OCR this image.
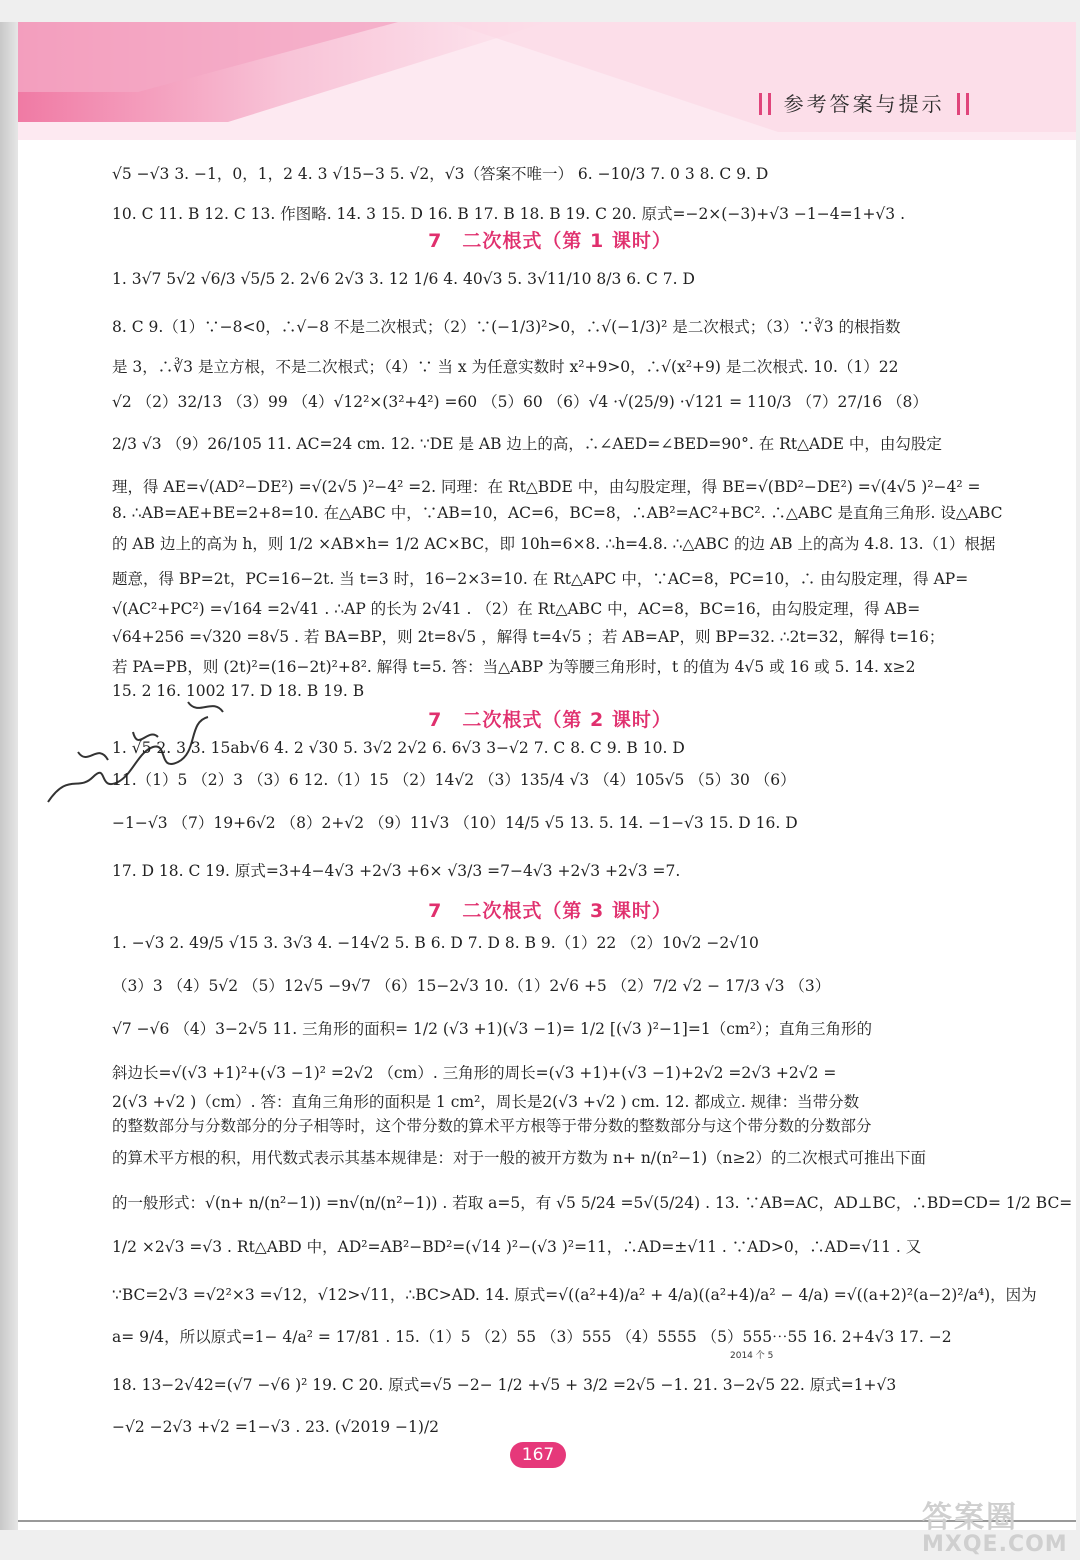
参考答案与提示
√5 −√3 3. −1，0，1，2 4. 3 √15−3 5. √2，√3（答案不唯一） 6. −10/3 7. 0 3 8. C 9. D
10. C 11. B 12. C 13. 作图略. 14. 3 15. D 16. B 17. B 18. B 19. C 20. 原式=−2×(−3)+√3 −1−4=1+√3 .
7　二次根式（第 1 课时）
1. 3√7 5√2 √6/3 √5/5 2. 2√6 2√3 3. 12 1/6 4. 40√3 5. 3√11/10 8/3 6. C 7. D
8. C 9.（1）∵−8<0，∴√−8 不是二次根式；（2）∵(−1/3)²>0，∴√(−1/3)² 是二次根式；（3）∵∛3 的根指数
是 3，∴∛3 是立方根，不是二次根式；（4）∵ 当 x 为任意实数时 x²+9>0，∴√(x²+9) 是二次根式. 10.（1）22
√2 （2）32/13 （3）99 （4）√12²×(3²+4²) =60 （5）60 （6）√4 ·√(25/9) ·√121 = 110/3 （7）27/16 （8）
2/3 √3 （9）26/105 11. AC=24 cm. 12. ∵DE 是 AB 边上的高，∴∠AED=∠BED=90°. 在 Rt△ADE 中，由勾股定
理，得 AE=√(AD²−DE²) =√(2√5 )²−4² =2. 同理：在 Rt△BDE 中，由勾股定理，得 BE=√(BD²−DE²) =√(4√5 )²−4² =
8. ∴AB=AE+BE=2+8=10. 在△ABC 中，∵AB=10，AC=6，BC=8，∴AB²=AC²+BC². ∴△ABC 是直角三角形. 设△ABC
的 AB 边上的高为 h，则 1/2 ×AB×h= 1/2 AC×BC，即 10h=6×8. ∴h=4.8. ∴△ABC 的边 AB 上的高为 4.8. 13.（1）根据
题意，得 BP=2t，PC=16−2t. 当 t=3 时，16−2×3=10. 在 Rt△APC 中，∵AC=8，PC=10，∴ 由勾股定理，得 AP=
√(AC²+PC²) =√164 =2√41 . ∴AP 的长为 2√41 . （2）在 Rt△ABC 中，AC=8，BC=16，由勾股定理，得 AB=
√64+256 =√320 =8√5 . 若 BA=BP，则 2t=8√5 ，解得 t=4√5 ；若 AB=AP，则 BP=32. ∴2t=32，解得 t=16；
若 PA=PB，则 (2t)²=(16−2t)²+8². 解得 t=5. 答：当△ABP 为等腰三角形时，t 的值为 4√5 或 16 或 5. 14. x≥2
15. 2 16. 1002 17. D 18. B 19. B
7　二次根式（第 2 课时）
1. √5 2. 3 3. 15ab√6 4. 2 √30 5. 3√2 2√2 6. 6√3 3−√2 7. C 8. C 9. B 10. D
11.（1）5 （2）3 （3）6 12.（1）15 （2）14√2 （3）135/4 √3 （4）105√5 （5）30 （6）
−1−√3 （7）19+6√2 （8）2+√2 （9）11√3 （10）14/5 √5 13. 5. 14. −1−√3 15. D 16. D
17. D 18. C 19. 原式=3+4−4√3 +2√3 +6× √3/3 =7−4√3 +2√3 +2√3 =7.
7　二次根式（第 3 课时）
1. −√3 2. 49/5 √15 3. 3√3 4. −14√2 5. B 6. D 7. D 8. B 9.（1）22 （2）10√2 −2√10
（3）3 （4）5√2 （5）12√5 −9√7 （6）15−2√3 10.（1）2√6 +5 （2）7/2 √2 − 17/3 √3 （3）
√7 −√6 （4）3−2√5 11. 三角形的面积= 1/2 (√3 +1)(√3 −1)= 1/2 [(√3 )²−1]=1（cm²）；直角三角形的
斜边长=√(√3 +1)²+(√3 −1)² =2√2 （cm）. 三角形的周长=(√3 +1)+(√3 −1)+2√2 =2√3 +2√2 =
2(√3 +√2 )（cm）. 答：直角三角形的面积是 1 cm²，周长是2(√3 +√2 ) cm. 12. 都成立. 规律：当带分数
的整数部分与分数部分的分子相等时，这个带分数的算术平方根等于带分数的整数部分与这个带分数的分数部分
的算术平方根的积，用代数式表示其基本规律是：对于一般的被开方数为 n+ n/(n²−1)（n≥2）的二次根式可推出下面
的一般形式：√(n+ n/(n²−1)) =n√(n/(n²−1)) . 若取 a=5，有 √5 5/24 =5√(5/24) . 13. ∵AB=AC，AD⊥BC，∴BD=CD= 1/2 BC=
1/2 ×2√3 =√3 . Rt△ABD 中，AD²=AB²−BD²=(√14 )²−(√3 )²=11，∴AD=±√11 . ∵AD>0，∴AD=√11 . 又
∵BC=2√3 =√2²×3 =√12，√12>√11，∴BC>AD. 14. 原式=√((a²+4)/a² + 4/a)((a²+4)/a² − 4/a) =√((a+2)²(a−2)²/a⁴)，因为
a= 9/4，所以原式=1− 4/a² = 17/81 . 15.（1）5 （2）55 （3）555 （4）5555 （5）555⋯55 16. 2+4√3 17. −2
18. 13−2√42=(√7 −√6 )² 19. C 20. 原式=√5 −2− 1/2 +√5 + 3/2 =2√5 −1. 21. 3−2√5 22. 原式=1+√3
−√2 −2√3 +√2 =1−√3 . 23. (√2019 −1)/2
2014 个 5
167
答案圈
MXQE.COM
